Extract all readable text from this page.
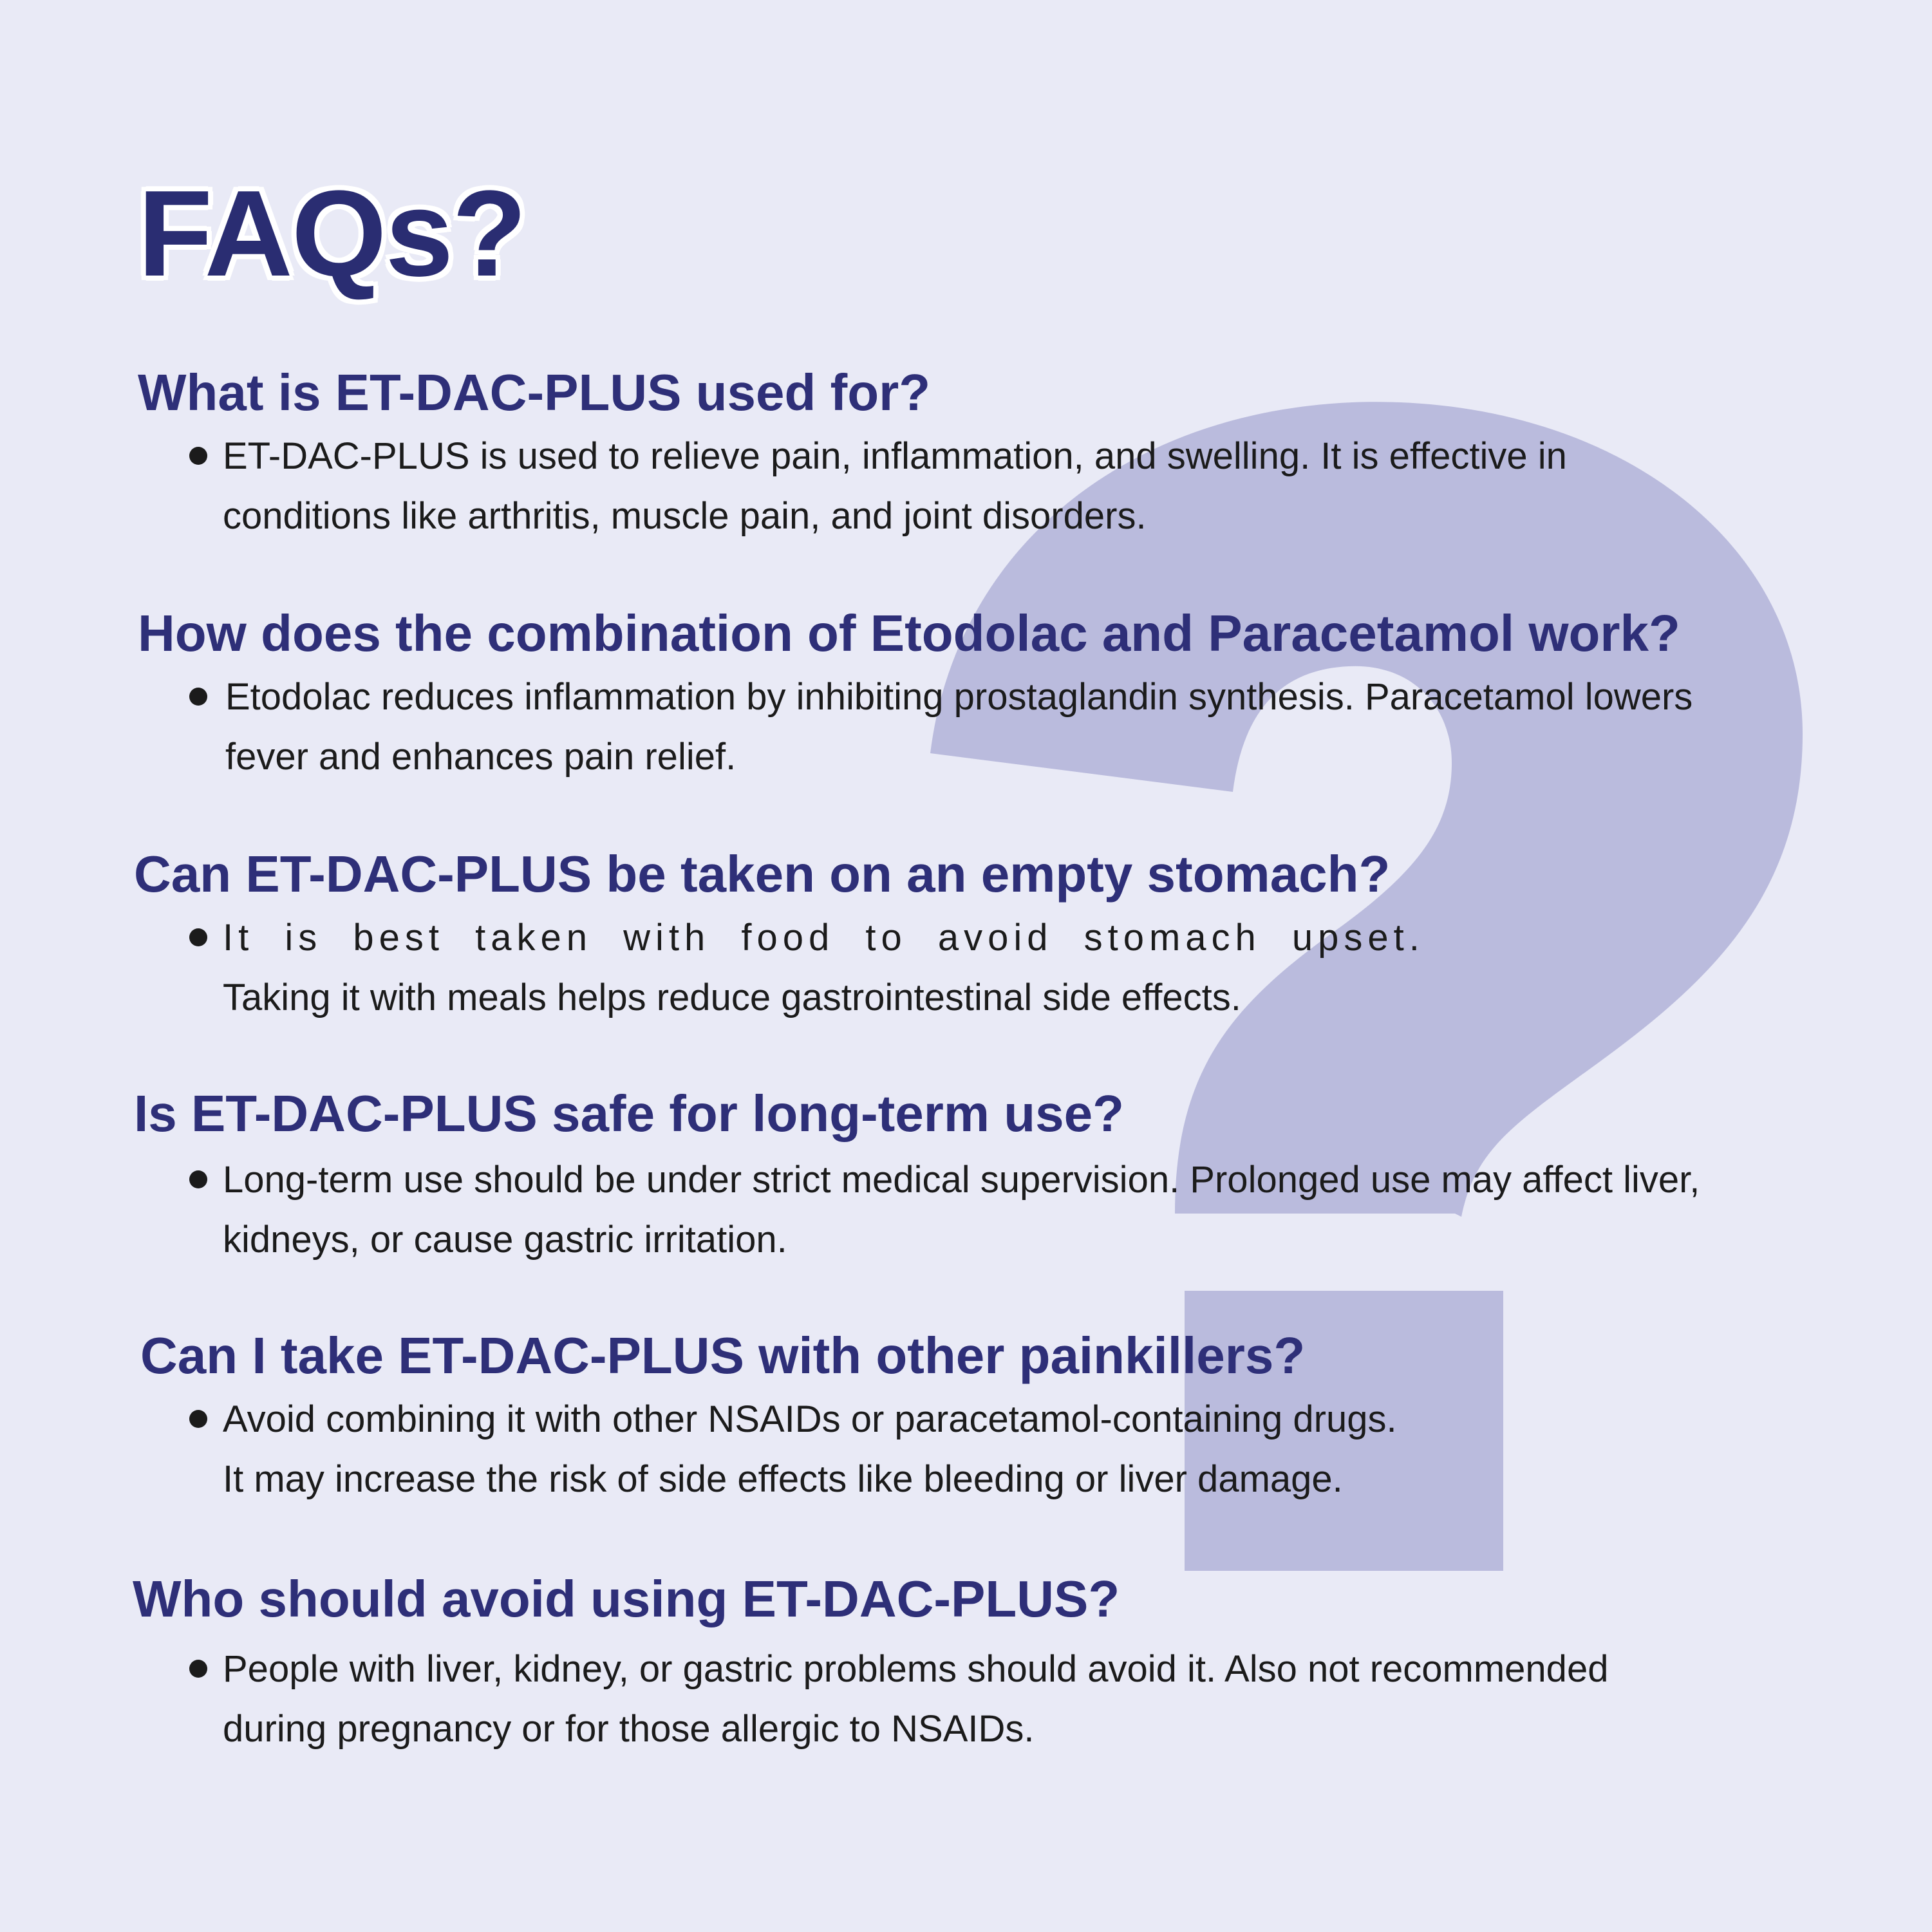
FAQs?
What is ET-DAC-PLUS used for?

ET-DAC-PLUS is used to relieve pain, inflammation, and swelling. It is effective in
conditions like arthritis, muscle pain, and joint disorders.

How does the combination of Etodolac and Paracetamol work?

Etodolac reduces inflammation by inhibiting prostaglandin synthesis. Paracetamol lowers
fever and enhances pain relief.

Can ET-DAC-PLUS be taken on an empty stomach?

It is best taken with food to avoid stomach upset.
Taking it with meals helps reduce gastrointestinal side effects.

Is ET-DAC-PLUS safe for long-term use?

Long-term use should be under strict medical supervision. Prolonged use may affect liver,
kidneys, or cause gastric irritation.

Can I take ET-DAC-PLUS with other painkillers?

Avoid combining it with other NSAIDs or paracetamol-containing drugs.
It may increase the risk of side effects like bleeding or liver damage.

Who should avoid using ET-DAC-PLUS?

People with liver, kidney, or gastric problems should avoid it. Also not recommended
during pregnancy or for those allergic to NSAIDs.
